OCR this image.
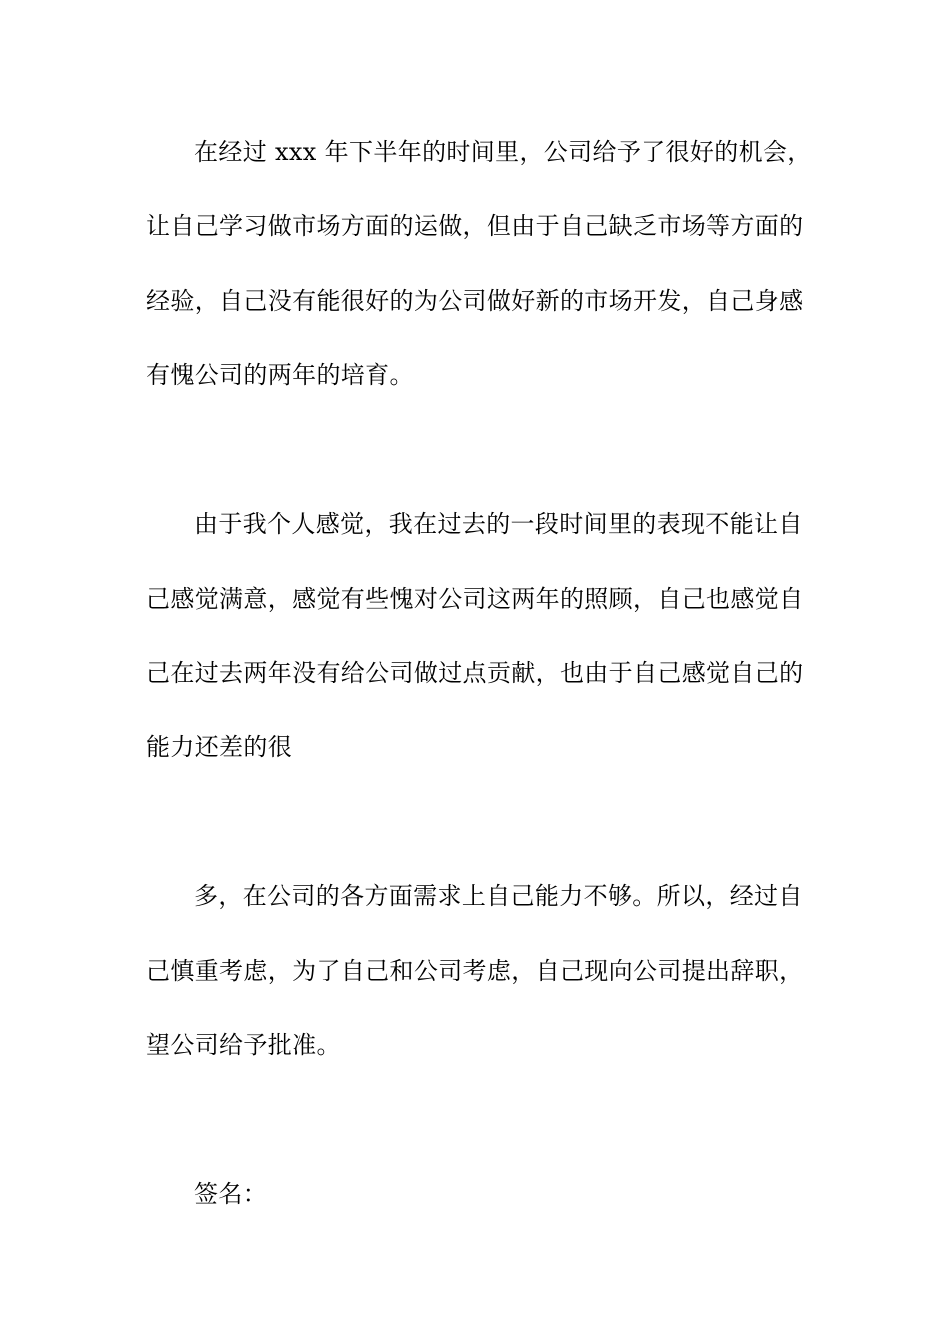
在经过 xxx 年下半年的时间里，公司给予了很好的机会，
让自己学习做市场方面的运做，但由于自己缺乏市场等方面的
经验，自己没有能很好的为公司做好新的市场开发，自己身感
有愧公司的两年的培育。
由于我个人感觉，我在过去的一段时间里的表现不能让自
己感觉满意，感觉有些愧对公司这两年的照顾，自己也感觉自
己在过去两年没有给公司做过点贡献，也由于自己感觉自己的
能力还差的很
多，在公司的各方面需求上自己能力不够。所以，经过自
己慎重考虑，为了自己和公司考虑，自己现向公司提出辞职，
望公司给予批准。
签名：
